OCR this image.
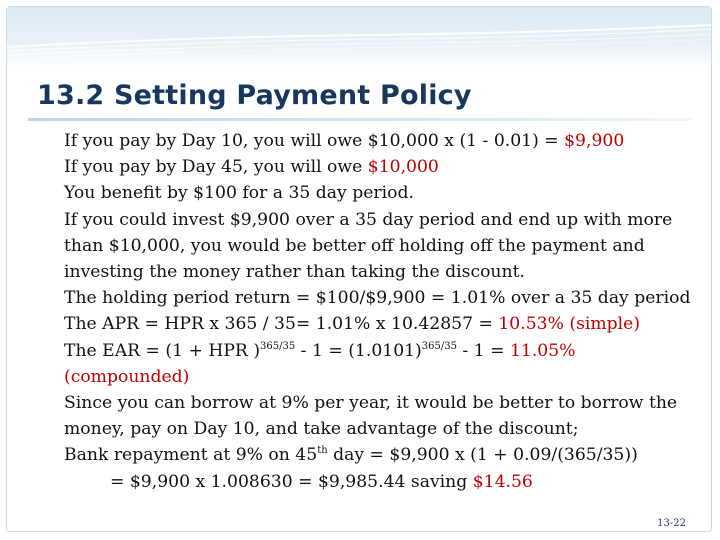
13.2 Setting Payment Policy
If you pay by Day 10, you will owe $10,000 x (1 - 0.01) = $9,900
If you pay by Day 45, you will owe $10,000
You benefit by $100 for a 35 day period.
If you could invest $9,900 over a 35 day period and end up with more than $10,000, you would be better off holding off the payment and investing the money rather than taking the discount.
The holding period return = $100/$9,900 = 1.01% over a 35 day period
The APR = HPR x 365 / 35= 1.01% x 10.42857 = 10.53% (simple)
The EAR = (1 + HPR )$^{365/35} - 1 = (1.0101)^{365/35} - 1 = 11.05\%$ (compounded)
Since you can borrow at 9% per year, it would be better to borrow the money, pay on Day 10, and take advantage of the discount;
Bank repayment at 9% on 45th day = $9,900 x (1 + 0.09/(365/35))
= $9,900 x 1.008630 = $9,985.44 saving $14.56
13-22
